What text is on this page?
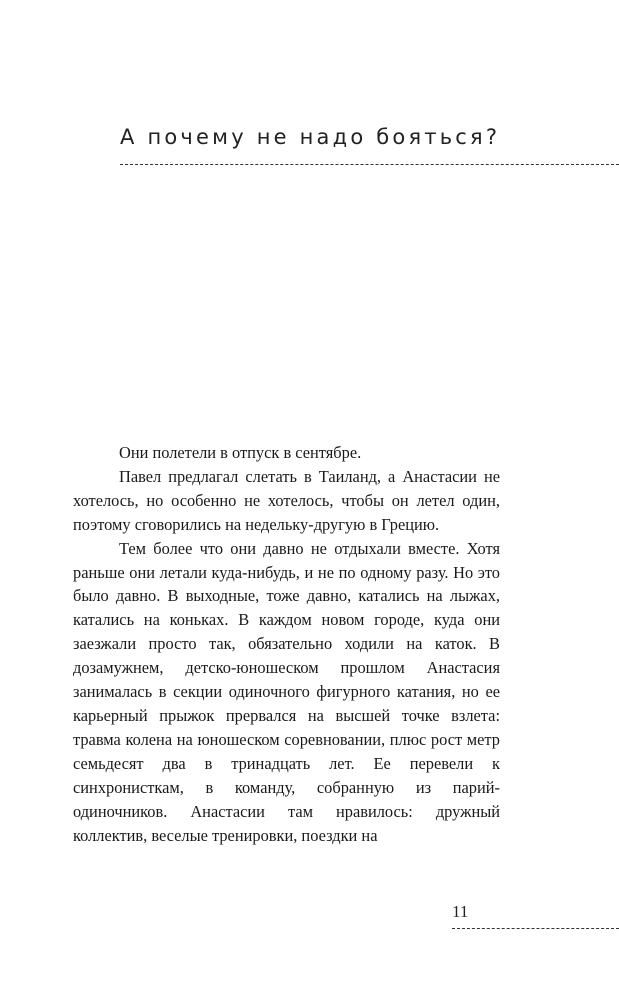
А почему не надо бояться?

Они полетели в отпуск в сентябре.

Павел предлагал слетать в Таиланд, а Анастасии не хотелось, но особенно не хотелось, чтобы он летел один, поэтому сговорились на недельку-другую в Грецию.

Тем более что они давно не отдыхали вместе. Хотя раньше они летали куда-нибудь, и не по одному разу. Но это было давно. В выходные, тоже давно, катались на лыжах, катались на коньках. В каждом новом городе, куда они заезжали просто так, обязательно ходили на каток. В дозамужнем, детско-юношеском прошлом Анастасия занималась в секции одиночного фигурного катания, но ее карьерный прыжок прервался на высшей точке взлета: травма колена на юношеском соревновании, плюс рост метр семьдесят два в тринадцать лет. Ее перевели к синхронисткам, в команду, собранную из парий-одиночников. Анастасии там нравилось: дружный коллектив, веселые тренировки, поездки на

11
